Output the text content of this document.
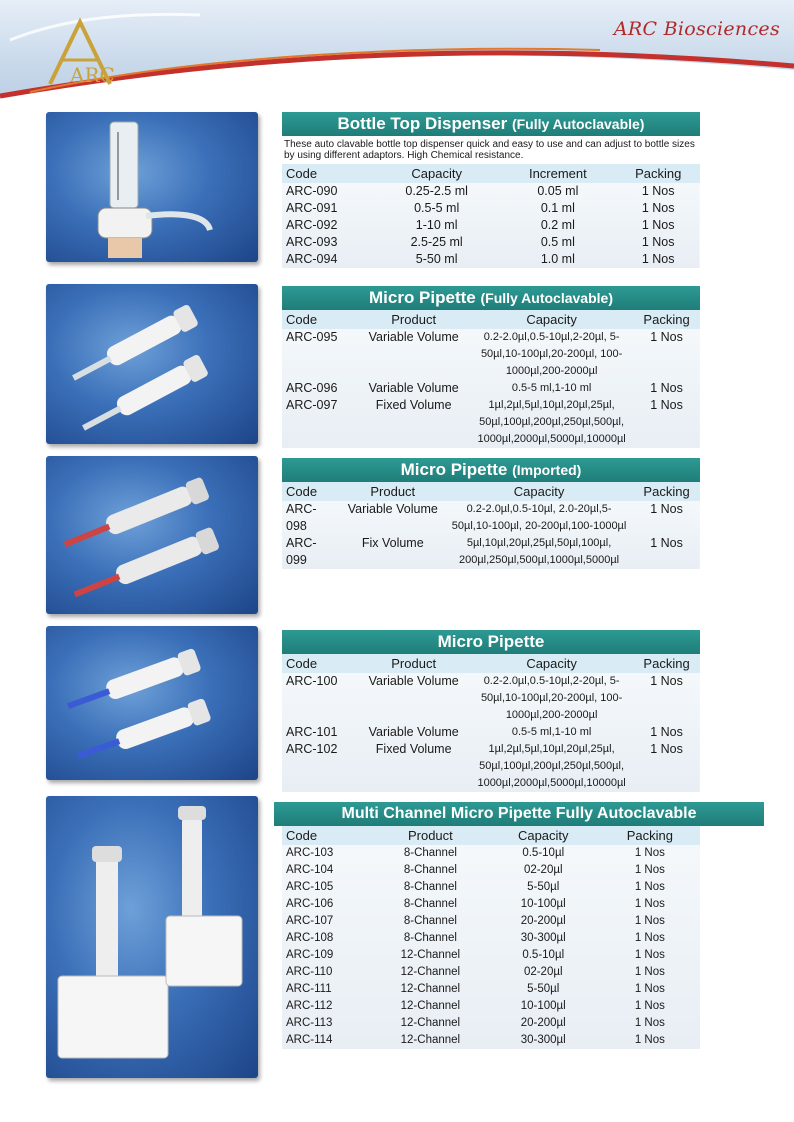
ARC
ARC Biosciences
Bottle Top Dispenser (Fully Autoclavable)
These auto clavable bottle top dispenser quick and easy to use and can adjust to bottle sizes by using different adaptors. High Chemical resistance.
Code	Capacity	Increment	Packing
ARC-090	0.25-2.5 ml	0.05 ml	1 Nos
ARC-091	0.5-5 ml	0.1 ml	1 Nos
ARC-092	1-10 ml	0.2 ml	1 Nos
ARC-093	2.5-25 ml	0.5 ml	1 Nos
ARC-094	5-50 ml	1.0 ml	1 Nos
Micro Pipette (Fully Autoclavable)
Code	Product	Capacity	Packing
ARC-095	Variable Volume	0.2-2.0µl,0.5-10µl,2-20µl, 5-50µl,10-100µl,20-200µl, 100-1000µl,200-2000µl	1 Nos
ARC-096	Variable Volume	0.5-5 ml,1-10 ml	1 Nos
ARC-097	Fixed Volume	1µl,2µl,5µl,10µl,20µl,25µl, 50µl,100µl,200µl,250µl,500µl, 1000µl,2000µl,5000µl,10000µl	1 Nos
Micro Pipette (Imported)
Code	Product	Capacity	Packing
ARC-098	Variable Volume	0.2-2.0µl,0.5-10µl, 2.0-20µl,5-50µl,10-100µl, 20-200µl,100-1000µl	1 Nos
ARC-099	Fix Volume	5µl,10µl,20µl,25µl,50µl,100µl, 200µl,250µl,500µl,1000µl,5000µl	1 Nos
Micro Pipette
Code	Product	Capacity	Packing
ARC-100	Variable Volume	0.2-2.0µl,0.5-10µl,2-20µl, 5-50µl,10-100µl,20-200µl, 100-1000µl,200-2000µl	1 Nos
ARC-101	Variable Volume	0.5-5 ml,1-10 ml	1 Nos
ARC-102	Fixed Volume	1µl,2µl,5µl,10µl,20µl,25µl, 50µl,100µl,200µl,250µl,500µl, 1000µl,2000µl,5000µl,10000µl	1 Nos
Multi Channel Micro Pipette Fully Autoclavable
Code	Product	Capacity	Packing
ARC-103	8-Channel	0.5-10µl	1 Nos
ARC-104	8-Channel	02-20µl	1 Nos
ARC-105	8-Channel	5-50µl	1 Nos
ARC-106	8-Channel	10-100µl	1 Nos
ARC-107	8-Channel	20-200µl	1 Nos
ARC-108	8-Channel	30-300µl	1 Nos
ARC-109	12-Channel	0.5-10µl	1 Nos
ARC-110	12-Channel	02-20µl	1 Nos
ARC-111	12-Channel	5-50µl	1 Nos
ARC-112	12-Channel	10-100µl	1 Nos
ARC-113	12-Channel	20-200µl	1 Nos
ARC-114	12-Channel	30-300µl	1 Nos
